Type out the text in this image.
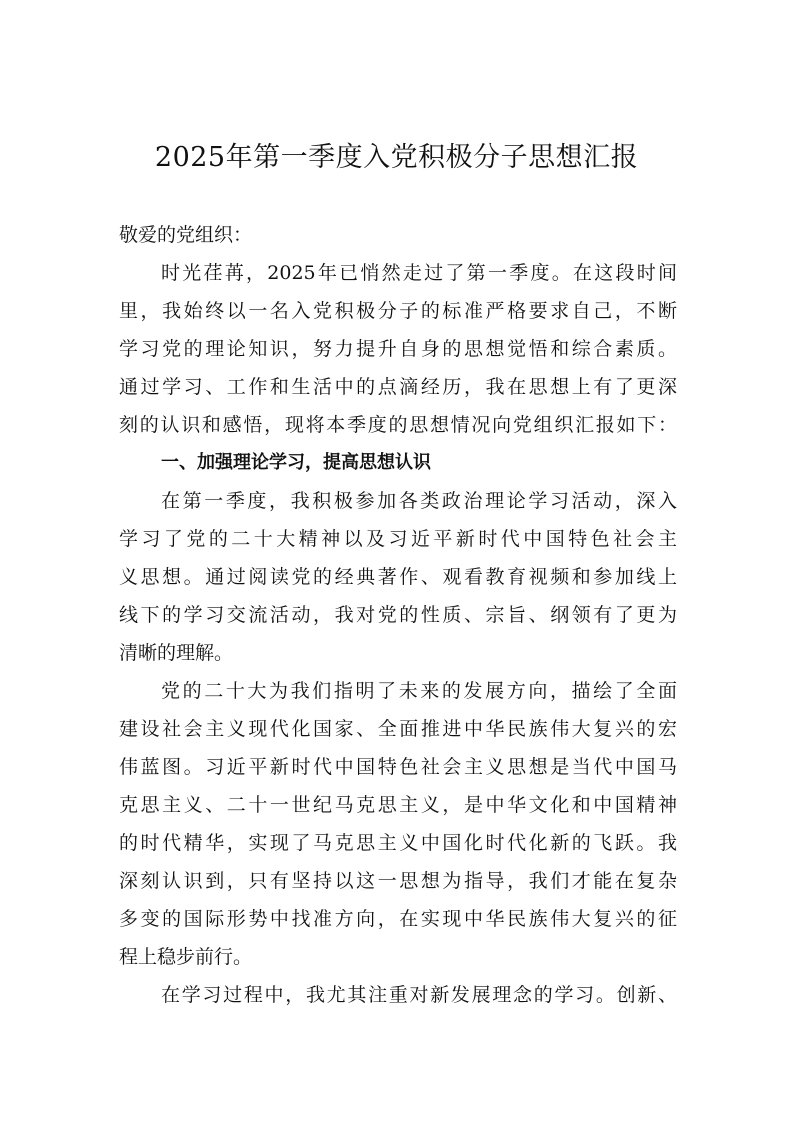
2025年第一季度入党积极分子思想汇报
敬爱的党组织：
时光荏苒，2025年已悄然走过了第一季度。在这段时间
里，我始终以一名入党积极分子的标准严格要求自己，不断
学习党的理论知识，努力提升自身的思想觉悟和综合素质。
通过学习、工作和生活中的点滴经历，我在思想上有了更深
刻的认识和感悟，现将本季度的思想情况向党组织汇报如下：
一、加强理论学习，提高思想认识
在第一季度，我积极参加各类政治理论学习活动，深入
学习了党的二十大精神以及习近平新时代中国特色社会主
义思想。通过阅读党的经典著作、观看教育视频和参加线上
线下的学习交流活动，我对党的性质、宗旨、纲领有了更为
清晰的理解。
党的二十大为我们指明了未来的发展方向，描绘了全面
建设社会主义现代化国家、全面推进中华民族伟大复兴的宏
伟蓝图。习近平新时代中国特色社会主义思想是当代中国马
克思主义、二十一世纪马克思主义，是中华文化和中国精神
的时代精华，实现了马克思主义中国化时代化新的飞跃。我
深刻认识到，只有坚持以这一思想为指导，我们才能在复杂
多变的国际形势中找准方向，在实现中华民族伟大复兴的征
程上稳步前行。
在学习过程中，我尤其注重对新发展理念的学习。创新、
